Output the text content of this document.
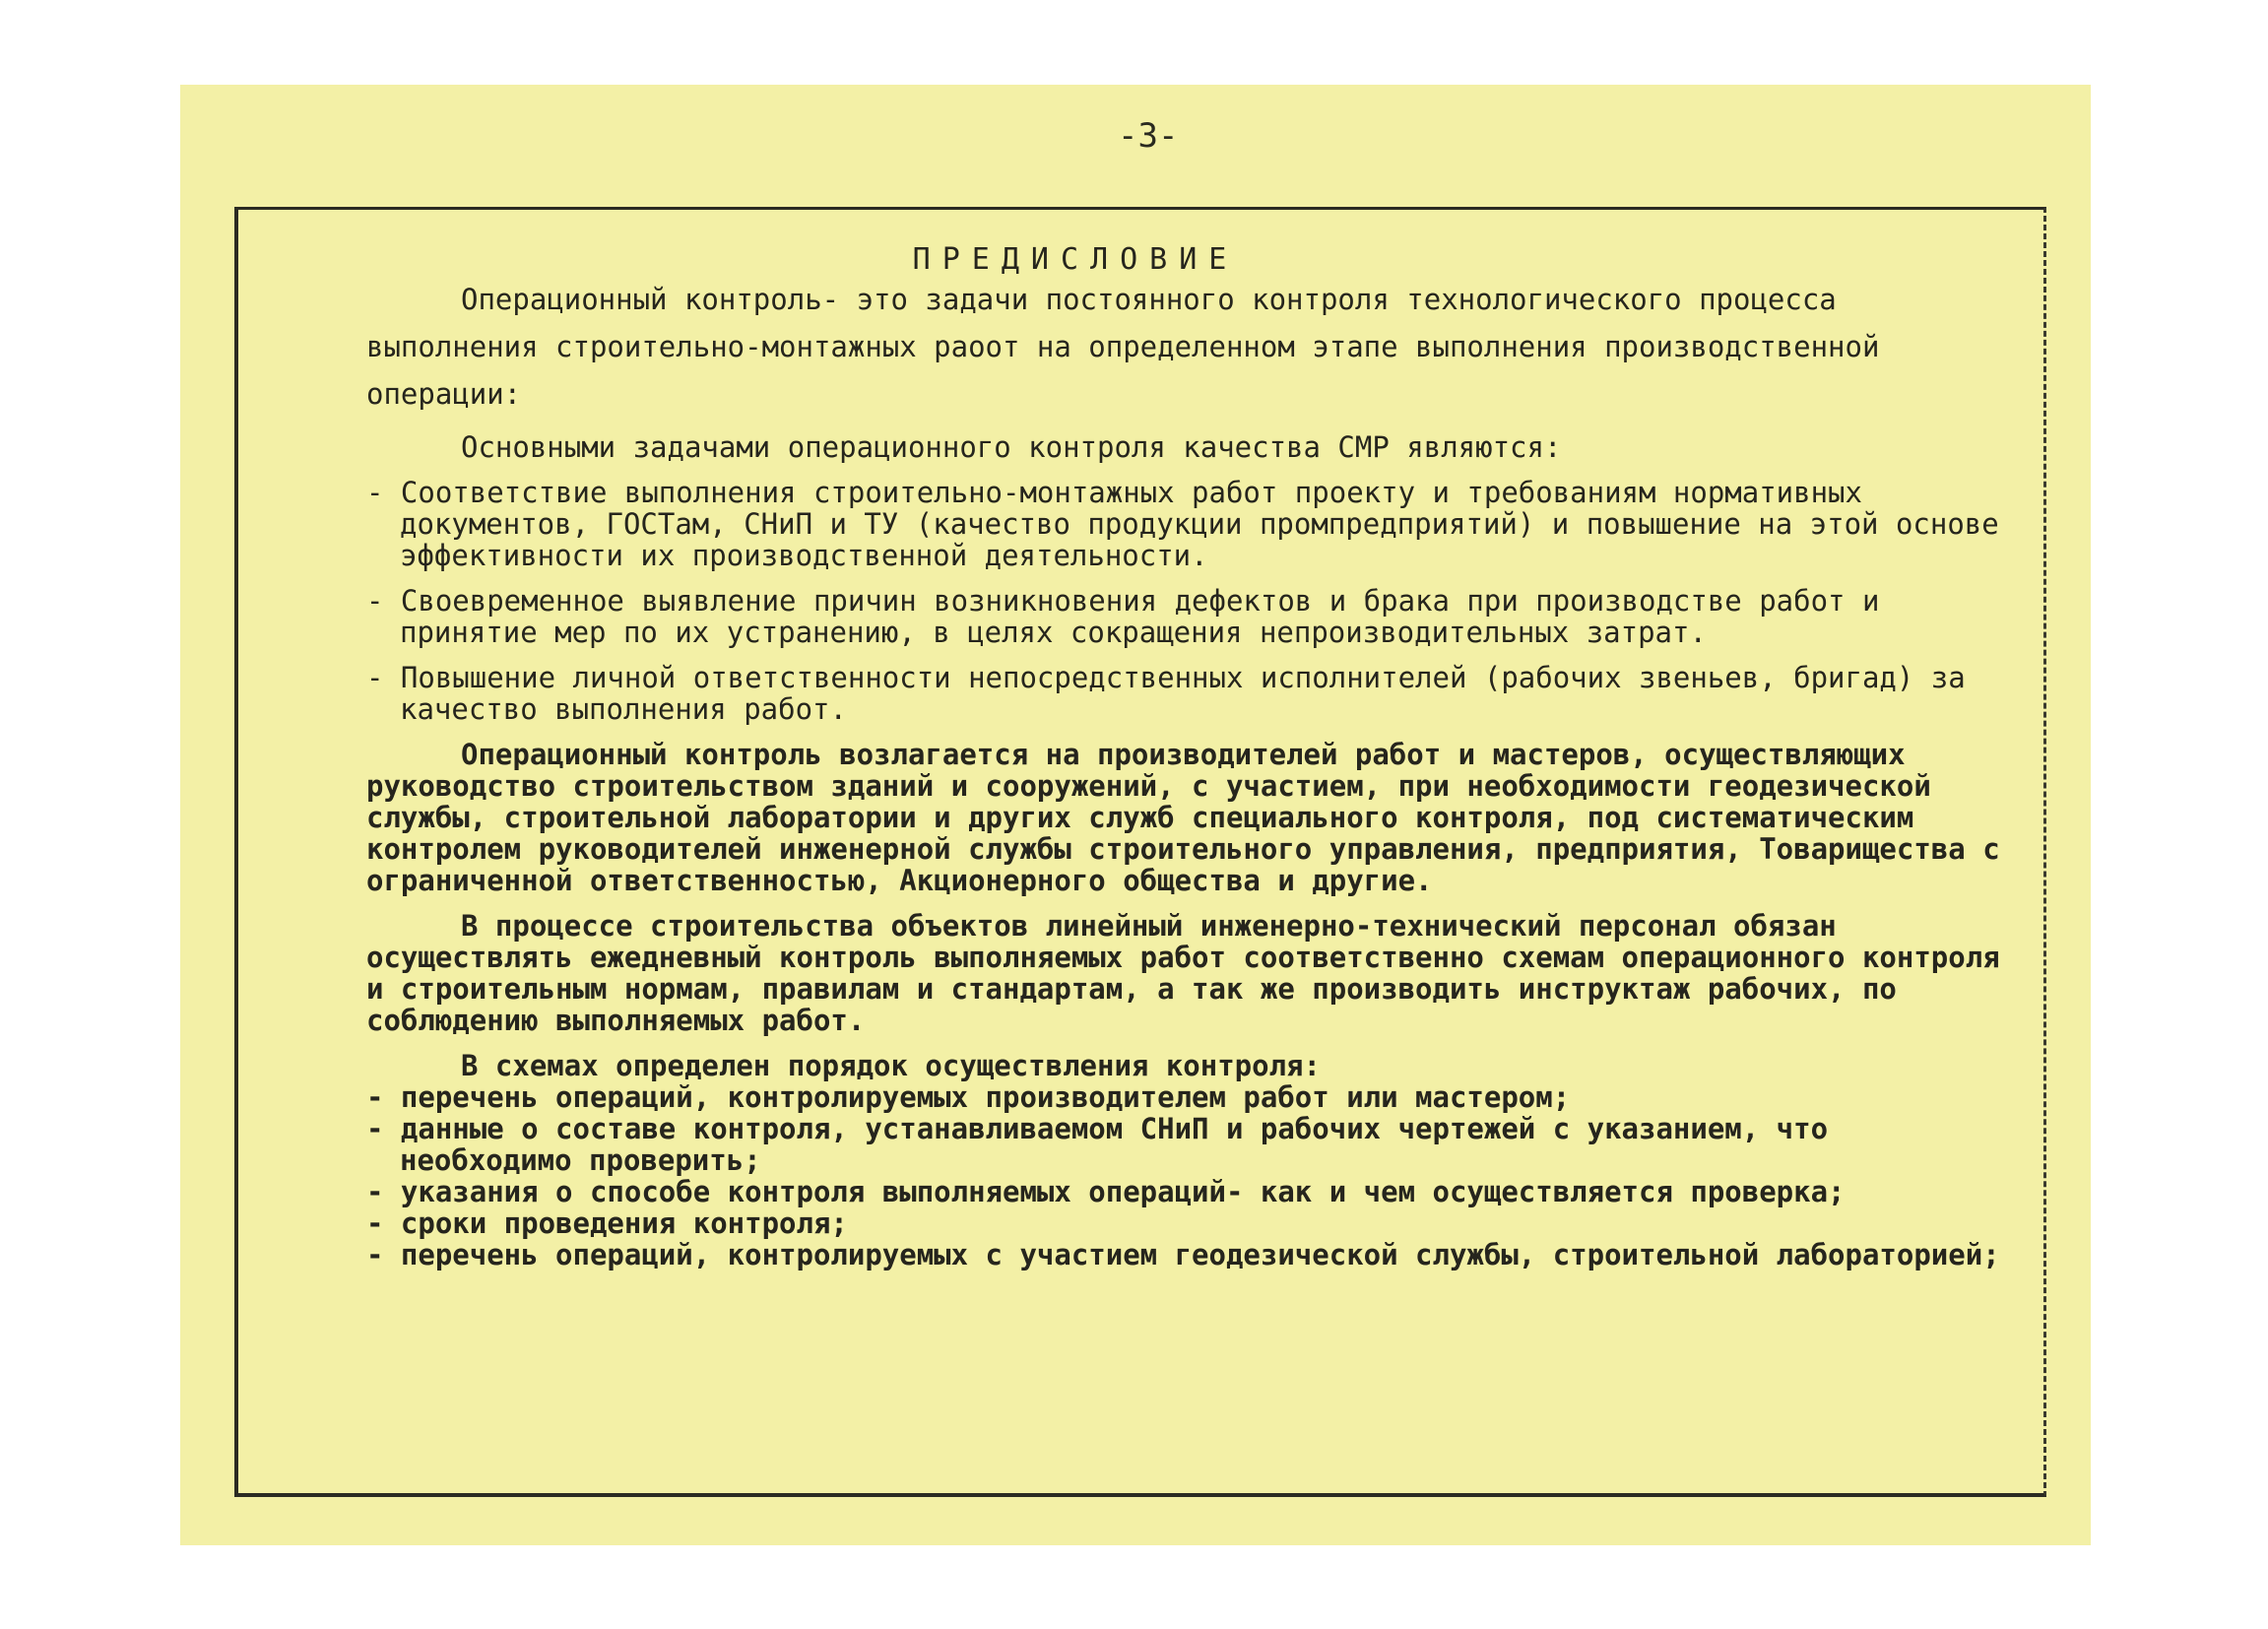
-3-

ПРЕДИСЛОВИЕ

Операционный контроль- это задачи постоянного контроля технологического процесса выполнения строительно-монтажных раоот на определенном этапе выполнения производственной операции:

Основными задачами операционного контроля качества СМР являются:

- Соответствие выполнения строительно-монтажных работ проекту и требованиям нормативных документов, ГОСТам, СНиП и ТУ (качество продукции промпредприятий) и повышение на этой основе эффективности их производственной деятельности.

- Своевременное выявление причин возникновения дефектов и брака при производстве работ и принятие мер по их устранению, в целях сокращения непроизводительных затрат.

- Повышение личной ответственности непосредственных исполнителей (рабочих звеньев, бригад) за качество выполнения работ.

Операционный контроль возлагается на производителей работ и мастеров, осуществляющих руководство строительством зданий и сооружений, с участием, при необходимости геодезической службы, строительной лаборатории и других служб специального контроля, под систематическим контролем руководителей инженерной службы строительного управления, предприятия, Товарищества с ограниченной ответственностью, Акционерного общества и другие.

В процессе строительства объектов линейный инженерно-технический персонал обязан осуществлять ежедневный контроль выполняемых работ соответственно схемам операционного контроля и строительным нормам, правилам и стандартам, а так же производить инструктаж рабочих, по соблюдению выполняемых работ.

В схемах определен порядок осуществления контроля:

- перечень операций, контролируемых производителем работ или мастером;
- данные о составе контроля, устанавливаемом СНиП и рабочих чертежей с указанием, что необходимо проверить;
- указания о способе контроля выполняемых операций- как и чем осуществляется проверка;
- сроки проведения контроля;
- перечень операций, контролируемых с участием геодезической службы, строительной лабораторией;
